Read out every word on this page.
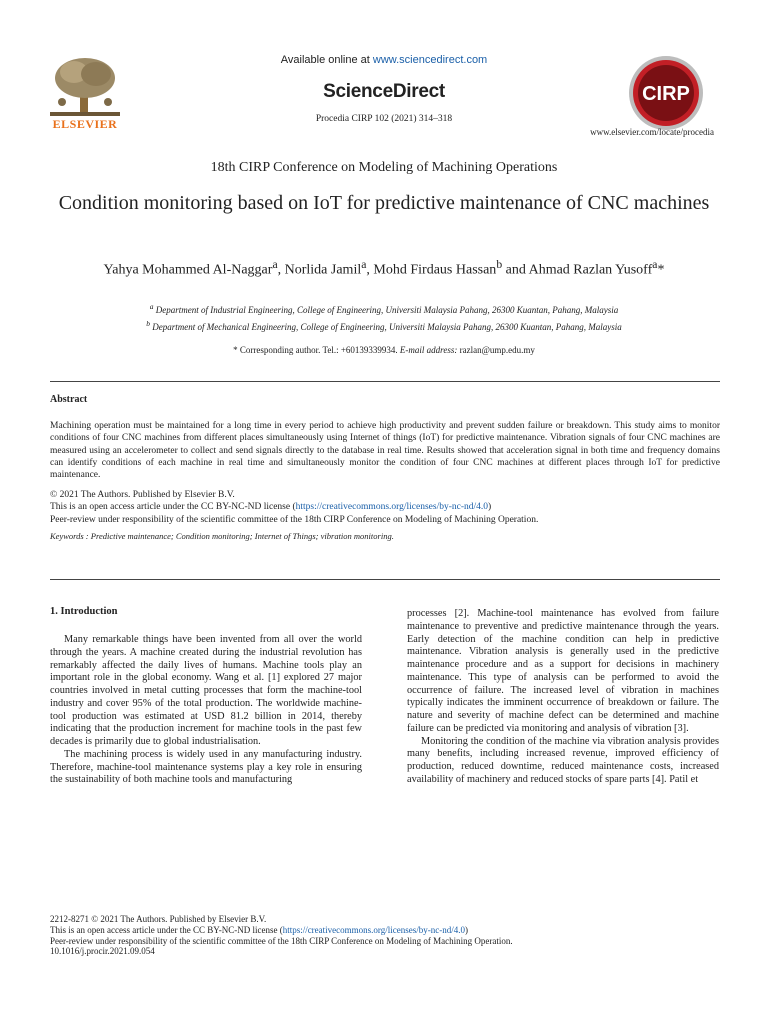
ELSEVIER
Available online at www.sciencedirect.com
ScienceDirect
Procedia CIRP 102 (2021) 314–318
CIRP
www.elsevier.com/locate/procedia
18th CIRP Conference on Modeling of Machining Operations
Condition monitoring based on IoT for predictive maintenance of CNC machines
Yahya Mohammed Al-Naggar$^a$, Norlida Jamil$^a$, Mohd Firdaus Hassan$^b$ and Ahmad Razlan Yusoff$^a$*
$^a$ Department of Industrial Engineering, College of Engineering, Universiti Malaysia Pahang, 26300 Kuantan, Pahang, Malaysia
$^b$ Department of Mechanical Engineering, College of Engineering, Universiti Malaysia Pahang, 26300 Kuantan, Pahang, Malaysia
* Corresponding author. Tel.: +60139339934. E-mail address: razlan@ump.edu.my
Abstract
Machining operation must be maintained for a long time in every period to achieve high productivity and prevent sudden failure or breakdown. This study aims to monitor conditions of four CNC machines from different places simultaneously using Internet of things (IoT) for predictive maintenance. Vibration signals of four CNC machines are measured using an accelerometer to collect and send signals directly to the database in real time. Results showed that acceleration signal in both time and frequency domains can identify conditions of each machine in real time and simultaneously monitor the condition of four CNC machines at different places through IoT for predictive maintenance.
© 2021 The Authors. Published by Elsevier B.V.
This is an open access article under the CC BY-NC-ND license (https://creativecommons.org/licenses/by-nc-nd/4.0)
Peer-review under responsibility of the scientific committee of the 18th CIRP Conference on Modeling of Machining Operation.
Keywords : Predictive maintenance; Condition monitoring; Internet of Things; vibration monitoring.
1. Introduction

Many remarkable things have been invented from all over the world through the years. A machine created during the industrial revolution has remarkably affected the daily lives of humans. Machine tools play an important role in the global economy. Wang et al. [1] explored 27 major countries involved in metal cutting processes that form the machine-tool industry and cover 95% of the total production. The worldwide machine-tool production was estimated at USD 81.2 billion in 2014, thereby indicating that the production increment for machine tools in the past few decades is primarily due to global industrialisation.

The machining process is widely used in any manufacturing industry. Therefore, machine-tool maintenance systems play a key role in ensuring the sustainability of both machine tools and manufacturing

processes [2]. Machine-tool maintenance has evolved from failure maintenance to preventive and predictive maintenance through the years. Early detection of the machine condition can help in predictive maintenance. Vibration analysis is generally used in the predictive maintenance procedure and as a support for decisions in machinery maintenance. This type of analysis can be performed to avoid the occurrence of failure. The increased level of vibration in machines typically indicates the imminent occurrence of breakdown or failure. The nature and severity of machine defect can be determined and machine failure can be predicted via monitoring and analysis of vibration [3].

Monitoring the condition of the machine via vibration analysis provides many benefits, including increased revenue, improved efficiency of production, reduced downtime, reduced maintenance costs, increased availability of machinery and reduced stocks of spare parts [4]. Patil et

2212-8271 © 2021 The Authors. Published by Elsevier B.V.
This is an open access article under the CC BY-NC-ND license (https://creativecommons.org/licenses/by-nc-nd/4.0)
Peer-review under responsibility of the scientific committee of the 18th CIRP Conference on Modeling of Machining Operation.
10.1016/j.procir.2021.09.054
